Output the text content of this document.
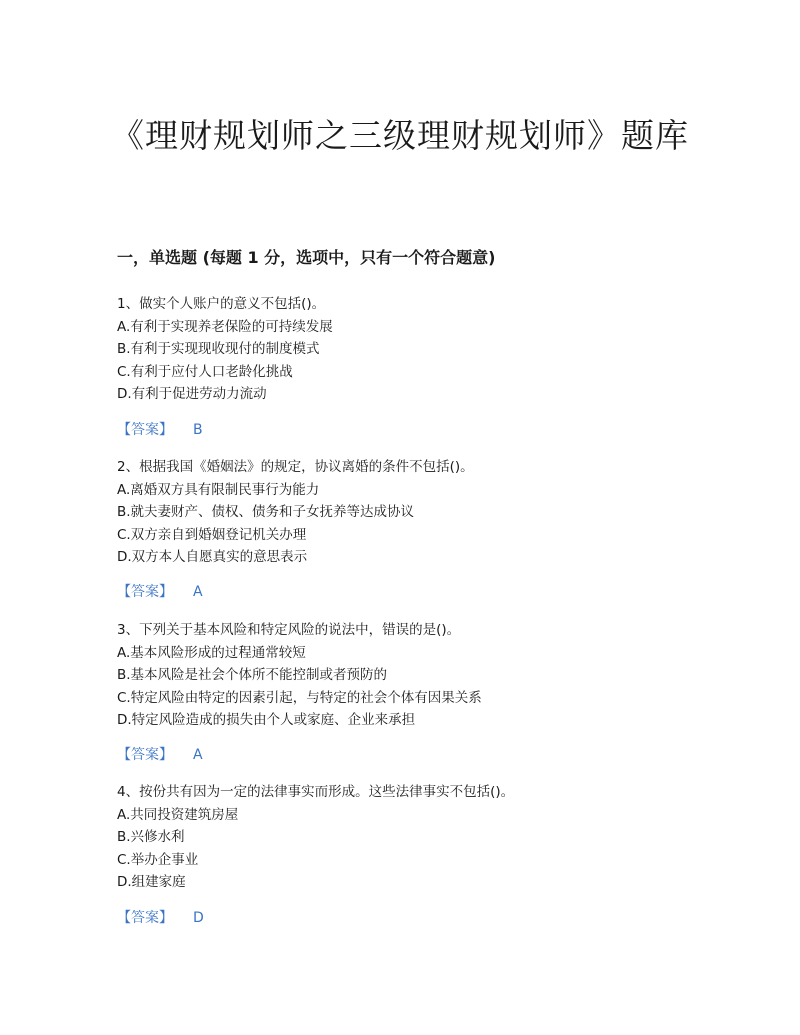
《理财规划师之三级理财规划师》题库
一，单选题 (每题 1 分，选项中，只有一个符合题意)
1、做实个人账户的意义不包括()。
A.有利于实现养老保险的可持续发展
B.有利于实现现收现付的制度模式
C.有利于应付人口老龄化挑战
D.有利于促进劳动力流动
【答案】 B
2、根据我国《婚姻法》的规定，协议离婚的条件不包括()。
A.离婚双方具有限制民事行为能力
B.就夫妻财产、债权、债务和子女抚养等达成协议
C.双方亲自到婚姻登记机关办理
D.双方本人自愿真实的意思表示
【答案】 A
3、下列关于基本风险和特定风险的说法中，错误的是()。
A.基本风险形成的过程通常较短
B.基本风险是社会个体所不能控制或者预防的
C.特定风险由特定的因素引起，与特定的社会个体有因果关系
D.特定风险造成的损失由个人或家庭、企业来承担
【答案】 A
4、按份共有因为一定的法律事实而形成。这些法律事实不包括()。
A.共同投资建筑房屋
B.兴修水利
C.举办企事业
D.组建家庭
【答案】 D
